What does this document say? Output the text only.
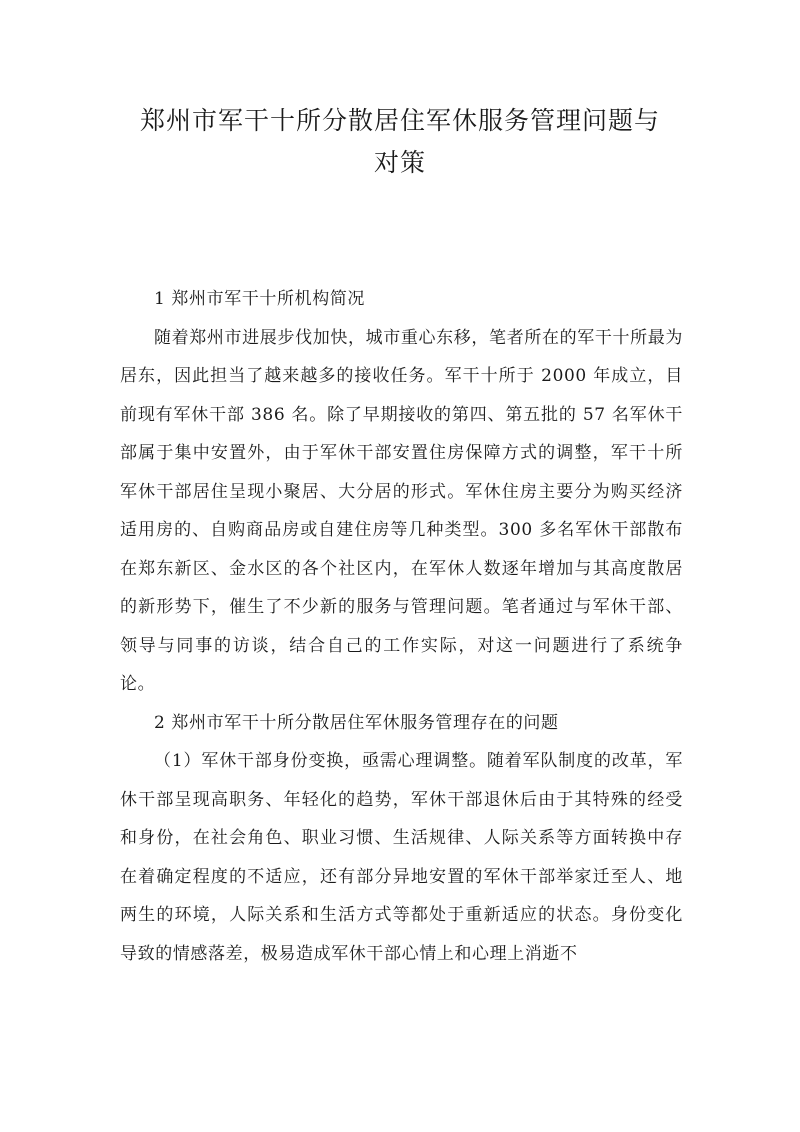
郑州市军干十所分散居住军休服务管理问题与
对策

1 郑州市军干十所机构简况

随着郑州市进展步伐加快，城市重心东移，笔者所在的军干十所最为居东，因此担当了越来越多的接收任务。军干十所于 2000 年成立，目前现有军休干部 386 名。除了早期接收的第四、第五批的 57 名军休干部属于集中安置外，由于军休干部安置住房保障方式的调整，军干十所军休干部居住呈现小聚居、大分居的形式。军休住房主要分为购买经济适用房的、自购商品房或自建住房等几种类型。300 多名军休干部散布在郑东新区、金水区的各个社区内，在军休人数逐年增加与其高度散居的新形势下，催生了不少新的服务与管理问题。笔者通过与军休干部、领导与同事的访谈，结合自己的工作实际，对这一问题进行了系统争论。

2 郑州市军干十所分散居住军休服务管理存在的问题

（1）军休干部身份变换，亟需心理调整。随着军队制度的改革，军休干部呈现高职务、年轻化的趋势，军休干部退休后由于其特殊的经受和身份，在社会角色、职业习惯、生活规律、人际关系等方面转换中存在着确定程度的不适应，还有部分异地安置的军休干部举家迁至人、地两生的环境，人际关系和生活方式等都处于重新适应的状态。身份变化导致的情感落差，极易造成军休干部心情上和心理上消逝不
